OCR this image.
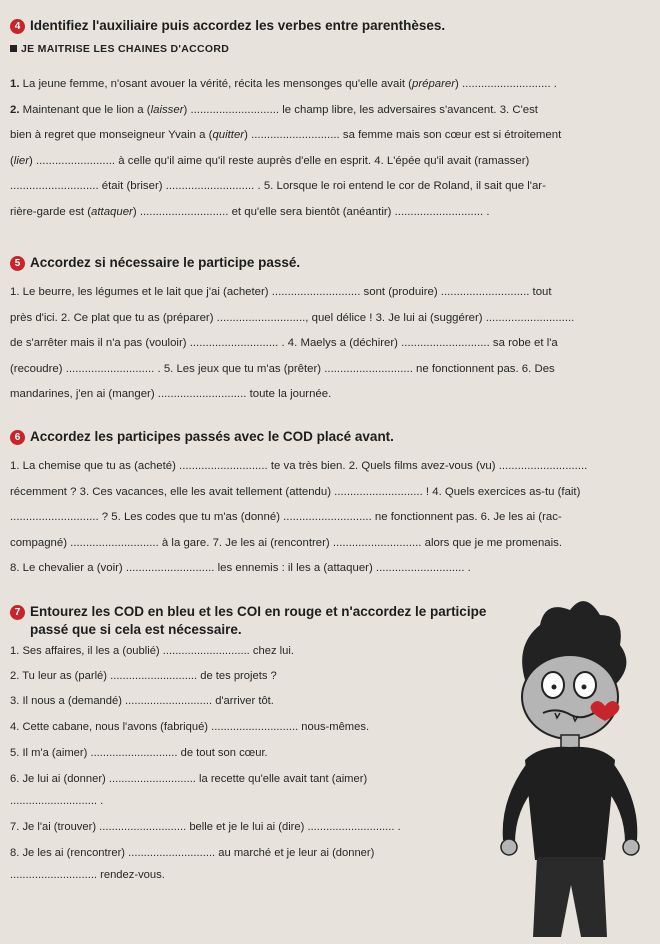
4 Identifiez l'auxiliaire puis accordez les verbes entre parenthèses.
JE MAITRISE LES CHAINES D'ACCORD
1. La jeune femme, n'osant avouer la vérité, récita les mensonges qu'elle avait (préparer) ............................ .
2. Maintenant que le lion a (laisser) ............................ le champ libre, les adversaires s'avancent. 3. C'est
bien à regret que monseigneur Yvain a (quitter) ............................ sa femme mais son cœur est si étroitement
(lier) ......................... à celle qu'il aime qu'il reste auprès d'elle en esprit. 4. L'épée qu'il avait (ramasser)
............................ était (briser) ............................ . 5. Lorsque le roi entend le cor de Roland, il sait que l'ar-
rière-garde est (attaquer) ............................ et qu'elle sera bientôt (anéantir) ............................ .
5 Accordez si nécessaire le participe passé.
1. Le beurre, les légumes et le lait que j'ai (acheter) ............................ sont (produire) ............................ tout
près d'ici. 2. Ce plat que tu as (préparer) ............................, quel délice ! 3. Je lui ai (suggérer) ............................
de s'arrêter mais il n'a pas (vouloir) ............................ . 4. Maelys a (déchirer) ............................ sa robe et l'a
(recoudre) ............................ . 5. Les jeux que tu m'as (prêter) ............................ ne fonctionnent pas. 6. Des
mandarines, j'en ai (manger) ............................ toute la journée.
6 Accordez les participes passés avec le COD placé avant.
1. La chemise que tu as (acheté) ............................ te va très bien. 2. Quels films avez-vous (vu) ............................
récemment ? 3. Ces vacances, elle les avait tellement (attendu) ............................ ! 4. Quels exercices as-tu (fait)
............................ ? 5. Les codes que tu m'as (donné) ............................ ne fonctionnent pas. 6. Je les ai (rac-
compagné) ............................ à la gare. 7. Je les ai (rencontrer) ............................ alors que je me promenais.
8. Le chevalier a (voir) ............................ les ennemis : il les a (attaquer) ............................ .
7 Entourez les COD en bleu et les COI en rouge et n'accordez le participe
passé que si cela est nécessaire.
1. Ses affaires, il les a (oublié) ............................ chez lui.
2. Tu leur as (parlé) ............................ de tes projets ?
3. Il nous a (demandé) ............................ d'arriver tôt.
4. Cette cabane, nous l'avons (fabriqué) ............................ nous-mêmes.
5. Il m'a (aimer) ............................ de tout son cœur.
6. Je lui ai (donner) ............................ la recette qu'elle avait tant (aimer)
............................ .
7. Je l'ai (trouver) ............................ belle et je le lui ai (dire) ............................ .
8. Je les ai (rencontrer) ............................ au marché et je leur ai (donner)
............................ rendez-vous.
